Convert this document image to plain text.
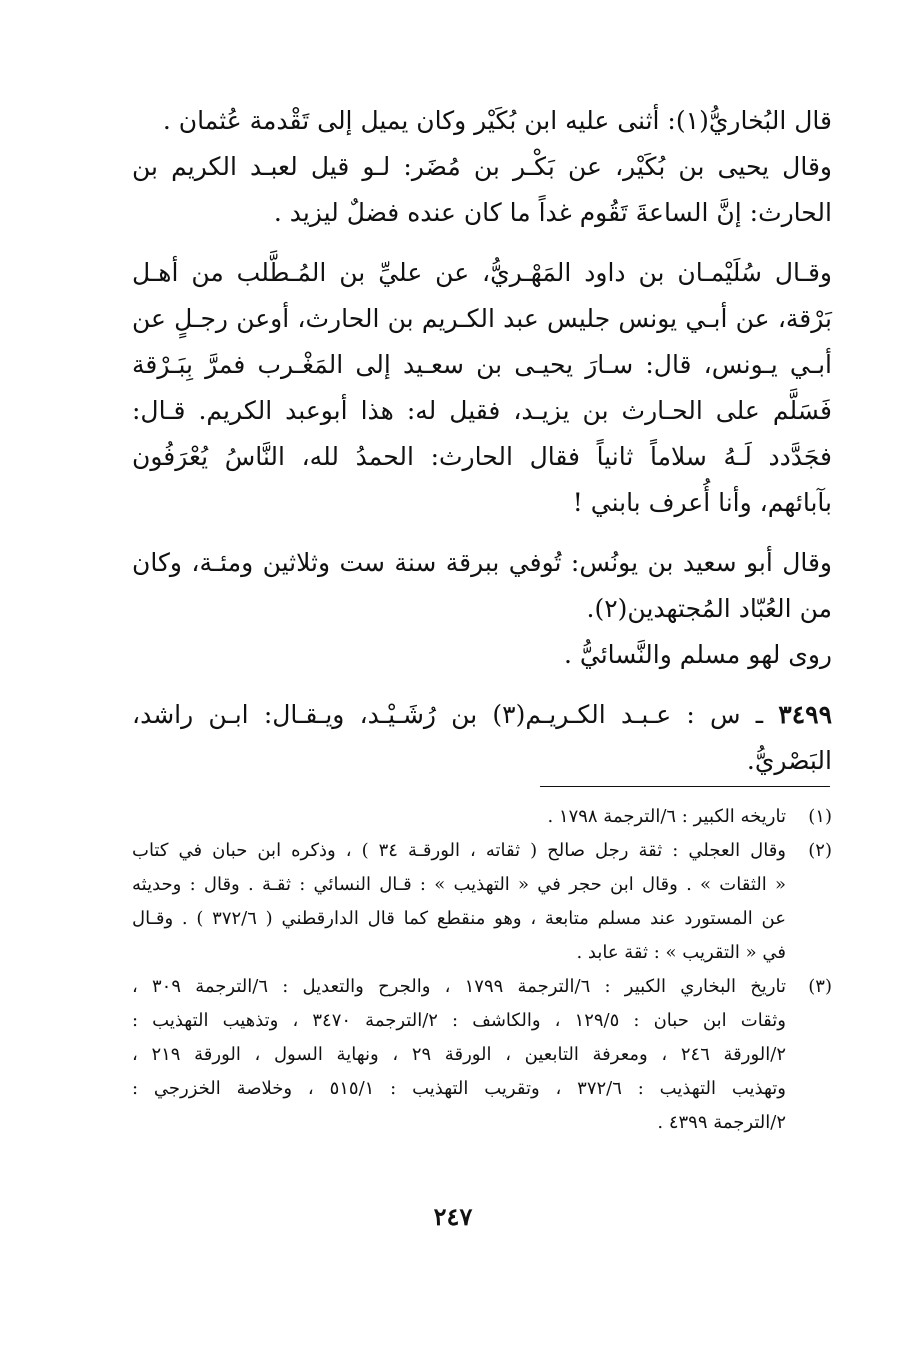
قال البُخاريُّ(١): أثنى عليه ابن بُكَيْر وكان يميل إلى تَقْدمة عُثمان .

وقال يحيى بن بُكَيْر، عن بَكْـر بن مُضَر: لـو قيل لعبـد الكريم بن الحارث: إنَّ الساعةَ تَقُوم غداً ما كان عنده فضلٌ ليزيد .

وقـال سُلَيْمـان بن داود المَهْـريُّ، عن عليِّ بن المُـطَّلب من أهـل بَرْقة، عن أبـي يونس جليس عبد الكـريم بن الحارث، أوعن رجـلٍ عن أبـي يـونس، قال: سـارَ يحيـى بن سعـيد إلى المَغْـرب فمرَّ بِبَـرْقة فَسَلَّم على الحـارث بن يزيـد، فقيل له: هذا أبوعبد الكريم. قـال: فجَدَّدد لَـهُ سلاماً ثانياً فقال الحارث: الحمدُ لله، النَّاسُ يُعْرَفُون بآبائهم، وأنا أُعرف بابني !

وقال أبو سعيد بن يونُس: تُوفي ببرقة سنة ست وثلاثين ومئـة، وكان من العُبّاد المُجتهدين(٢).

روى لهو مسلم والنَّسائيُّ .

٣٤٩٩ ـ س : عـبـد الكـريـم(٣) بن رُشَـيْـد، ويـقـال: ابـن راشد، البَصْريُّ.

(١)
تاريخه الكبير : ٦/الترجمة ١٧٩٨ .
(٢)
وقال العجلي : ثقة رجل صالح ( ثقاته ، الورقـة ٣٤ ) ، وذكره ابن حبان في كتاب
« الثقات » . وقال ابن حجر في « التهذيب » : قـال النسائي : ثقـة . وقال : وحديثه
عن المستورد عند مسلم متابعة ، وهو منقطع كما قال الدارقطني ( ٣٧٢/٦ ) . وقـال
في « التقريب » : ثقة عابد .
(٣)
تاريخ البخاري الكبير : ٦/الترجمة ١٧٩٩ ، والجرح والتعديل : ٦/الترجمة ٣٠٩ ،
وثقات ابن حبان : ١٢٩/٥ ، والكاشف : ٢/الترجمة ٣٤٧٠ ، وتذهيب التهذيب :
٢/الورقة ٢٤٦ ، ومعرفة التابعين ، الورقة ٢٩ ، ونهاية السول ، الورقة ٢١٩ ،
وتهذيب التهذيب : ٣٧٢/٦ ، وتقريب التهذيب : ٥١٥/١ ، وخلاصة الخزرجي :
٢/الترجمة ٤٣٩٩ .
٢٤٧
